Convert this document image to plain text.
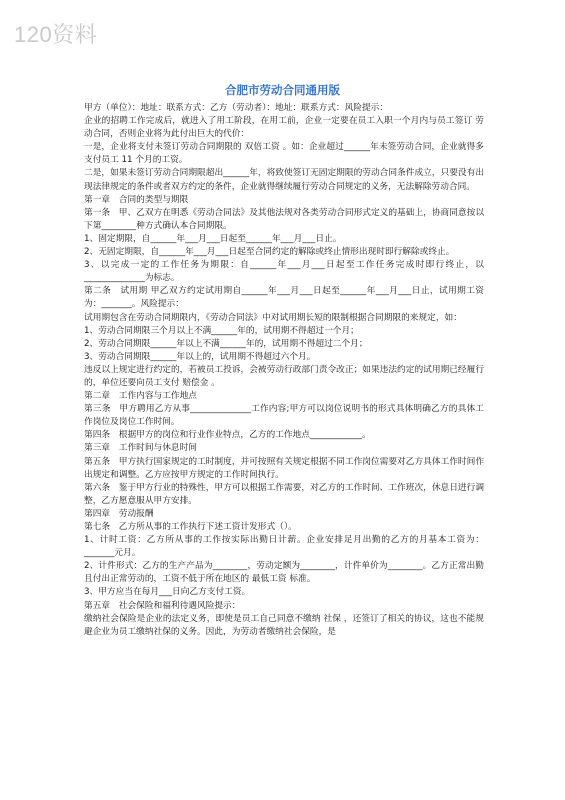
120资料
合肥市劳动合同通用版

甲方（单位）：地址：联系方式：乙方（劳动者）：地址：联系方式：风险提示：

企业的招聘工作完成后，就进入了用工阶段，在用工前，企业一定要在员工入职一个月内与员工签订 劳动合同，否则企业将为此付出巨大的代价：

一是，企业将支付未签订劳动合同期限的 双倍工资 。如：企业超过______年未签劳动合同，企业就得多支付员工 11 个月的工资。

二是，如果未签订劳动合同期限超出______年，将致使签订无固定期限的劳动合同条件成立，只要没有出现法律规定的条件或者双方约定的条件，企业就得继续履行劳动合同规定的义务，无法解除劳动合同。

第一章　合同的类型与期限

第一条　甲、乙双方在明悉《劳动合同法》及其他法规对各类劳动合同形式定义的基础上，协商同意按以下第________种方式确认本合同期限。

1、固定期限，自______年___月___日起至______年___月___日止。

2、无固定期限，自______年___月___日起至合同约定的解除或终止情形出现时即行解除或终止。

3、以完成一定的工作任务为期限：自______年___月___日起至工作任务完成时即行终止，以______________为标志。

第二条　试用期 甲乙双方约定试用期自______年___月___日起至______年___月___日止，试用期工资为：_______。风险提示：

试用期包含在劳动合同期限内，《劳动合同法》中对试用期长短的限制根据合同期限的来规定，如：

1、劳动合同期限三个月以上不满______年的，试用期不得超过一个月；

2、劳动合同期限______年以上不满______年的，试用期不得超过二个月；

3、劳动合同期限______年以上的，试用期不得超过六个月。

违反以上规定进行约定的，若被员工投诉，会被劳动行政部门责令改正；如果违法约定的试用期已经履行的，单位还要向员工支付 赔偿金 。

第二章　工作内容与工作地点

第三条　甲方聘用乙方从事______________工作内容;甲方可以岗位说明书的形式具体明确乙方的具体工作岗位及岗位工作时间。

第四条　根据甲方的岗位和行业作业特点，乙方的工作地点____________。

第三章　工作时间与休息时间

第五条　甲方执行国家规定的工时制度，并可按照有关规定根据不同工作岗位需要对乙方具体工作时间作出规定和调整。乙方应按甲方规定的工作时间执行。

第六条　鉴于甲方行业的特殊性，甲方可以根据工作需要，对乙方的工作时间、工作班次，休息日进行调整，乙方愿意服从甲方安排。

第四章　劳动报酬

第七条　乙方所从事的工作执行下述工资计发形式（）。

1、计时工资：乙方所从事的工作按实际出勤日计薪。企业安排足月出勤的乙方的月基本工资为：_______元月。

2、计件形式：乙方的生产产品为________，劳动定额为________，计件单价为________。乙方正常出勤且付出正常劳动的，工资不低于所在地区的 最低工资 标准。

3、甲方应当在每月___日向乙方支付工资。

第五章　社会保险和福利待遇风险提示：

缴纳社会保险是企业的法定义务，即使是员工自己同意不缴纳 社保 ，还签订了相关的协议，这也不能规避企业为员工缴纳社保的义务。因此，为劳动者缴纳社会保险，是
